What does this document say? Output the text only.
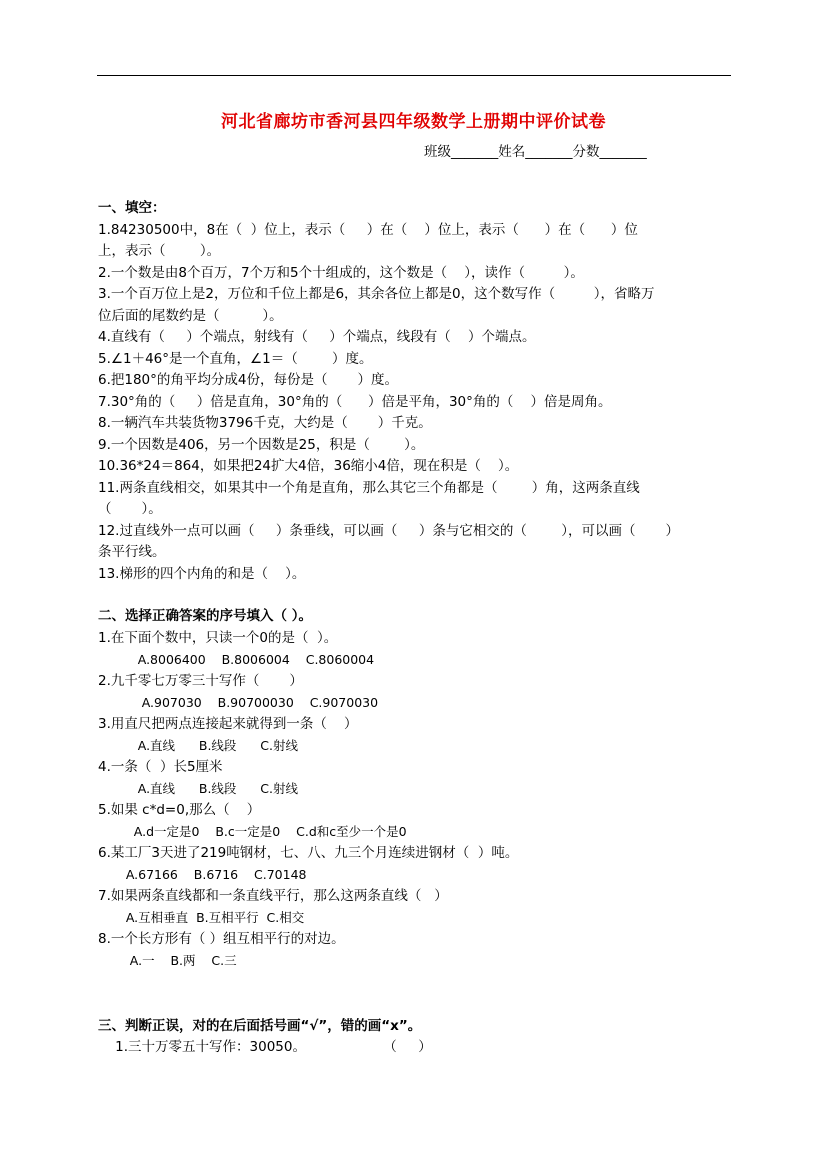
河北省廊坊市香河县四年级数学上册期中评价试卷
班级_______姓名_______分数_______
一、填空：
1.84230500中，8在（  ）位上，表示（     ）在（    ）位上，表示（      ）在（      ）位
上，表示（        ）。
2.一个数是由8个百万，7个万和5个十组成的，这个数是（    ），读作（         ）。
3.一个百万位上是2，万位和千位上都是6，其余各位上都是0，这个数写作（         ），省略万
位后面的尾数约是（          ）。
4.直线有（     ）个端点，射线有（     ）个端点，线段有（    ）个端点。
5.∠1＋46°是一个直角，∠1＝（        ）度。
6.把180°的角平均分成4份，每份是（       ）度。
7.30°角的（     ）倍是直角，30°角的（      ）倍是平角，30°角的（    ）倍是周角。
8.一辆汽车共装货物3796千克，大约是（       ）千克。
9.一个因数是406，另一个因数是25，积是（        ）。
10.36*24＝864，如果把24扩大4倍，36缩小4倍，现在积是（    ）。
11.两条直线相交，如果其中一个角是直角，那么其它三个角都是（        ）角，这两条直线
（       ）。
12.过直线外一点可以画（     ）条垂线，可以画（     ）条与它相交的（        ），可以画（       ）
条平行线。
13.梯形的四个内角的和是（    ）。
二、选择正确答案的序号填入（ ）。
1.在下面个数中，只读一个0的是（  ）。
A.8006400    B.8006004    C.8060004
2.九千零七万零三十写作（       ）
A.907030    B.90700030    C.9070030
3.用直尺把两点连接起来就得到一条（    ）
A.直线      B.线段      C.射线
4.一条（  ）长5厘米
A.直线      B.线段      C.射线
5.如果 c*d=0,那么（    ）
A.d一定是0    B.c一定是0    C.d和c至少一个是0
6.某工厂3天进了219吨钢材，七、八、九三个月连续进钢材（  ）吨。
A.67166    B.6716    C.70148
7.如果两条直线都和一条直线平行，那么这两条直线（   ）
A.互相垂直  B.互相平行  C.相交
8.一个长方形有（ ）组互相平行的对边。
A.一    B.两    C.三
三、判断正误，对的在后面括号画“√”，错的画“x”。
1.三十万零五十写作：30050。                  （     ）
